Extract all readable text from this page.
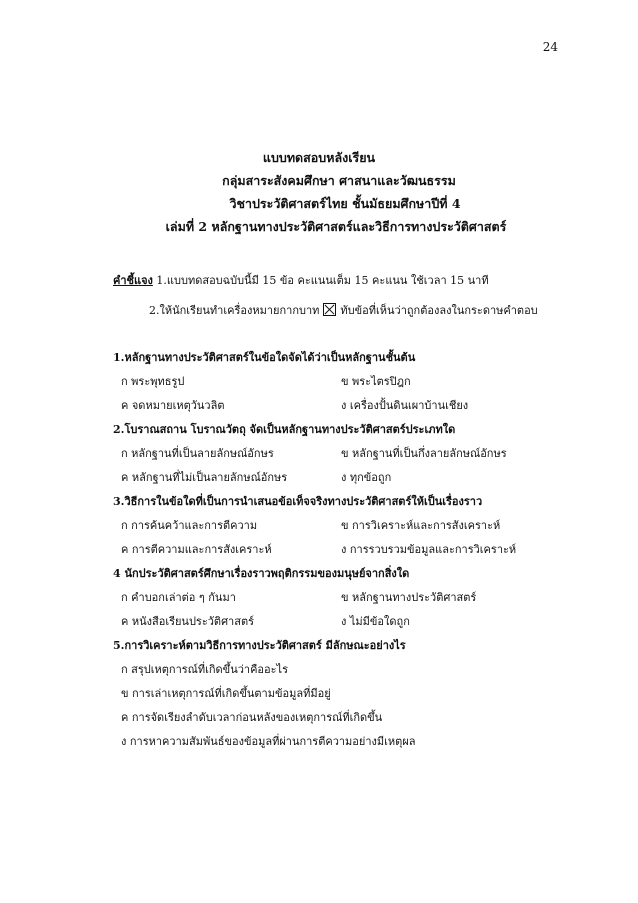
24
แบบทดสอบหลังเรียน
กลุ่มสาระสังคมศึกษา ศาสนาและวัฒนธรรม
วิชาประวัติศาสตร์ไทย ชั้นมัธยมศึกษาปีที่ 4
เล่มที่ 2 หลักฐานทางประวัติศาสตร์และวิธีการทางประวัติศาสตร์
คำชี้แจง 1.แบบทดสอบฉบับนี้มี 15 ข้อ คะแนนเต็ม 15 คะแนน ใช้เวลา 15 นาที
2.ให้นักเรียนทำเครื่องหมายกากบาท ทับข้อที่เห็นว่าถูกต้องลงในกระดาษคำตอบ
1.หลักฐานทางประวัติศาสตร์ในข้อใดจัดได้ว่าเป็นหลักฐานชั้นต้น
ก พระพุทธรูป	ข พระไตรปิฎก
ค จดหมายเหตุวันวลิต	ง เครื่องปั้นดินเผาบ้านเชียง
2.โบราณสถาน โบราณวัตถุ จัดเป็นหลักฐานทางประวัติศาสตร์ประเภทใด
ก หลักฐานที่เป็นลายลักษณ์อักษร	ข หลักฐานที่เป็นกึ่งลายลักษณ์อักษร
ค หลักฐานที่ไม่เป็นลายลักษณ์อักษร	ง ทุกข้อถูก
3.วิธีการในข้อใดที่เป็นการนำเสนอข้อเท็จจริงทางประวัติศาสตร์ให้เป็นเรื่องราว
ก การค้นคว้าและการตีความ	ข การวิเคราะห์และการสังเคราะห์
ค การตีความและการสังเคราะห์	ง การรวบรวมข้อมูลและการวิเคราะห์
4 นักประวัติศาสตร์ศึกษาเรื่องราวพฤติกรรมของมนุษย์จากสิ่งใด
ก คำบอกเล่าต่อ ๆ กันมา	ข หลักฐานทางประวัติศาสตร์
ค หนังสือเรียนประวัติศาสตร์	ง ไม่มีข้อใดถูก
5.การวิเคราะห์ตามวิธีการทางประวัติศาสตร์ มีลักษณะอย่างไร
ก สรุปเหตุการณ์ที่เกิดขึ้นว่าคืออะไร
ข การเล่าเหตุการณ์ที่เกิดขึ้นตามข้อมูลที่มีอยู่
ค การจัดเรียงลำดับเวลาก่อนหลังของเหตุการณ์ที่เกิดขึ้น
ง การหาความสัมพันธ์ของข้อมูลที่ผ่านการตีความอย่างมีเหตุผล
